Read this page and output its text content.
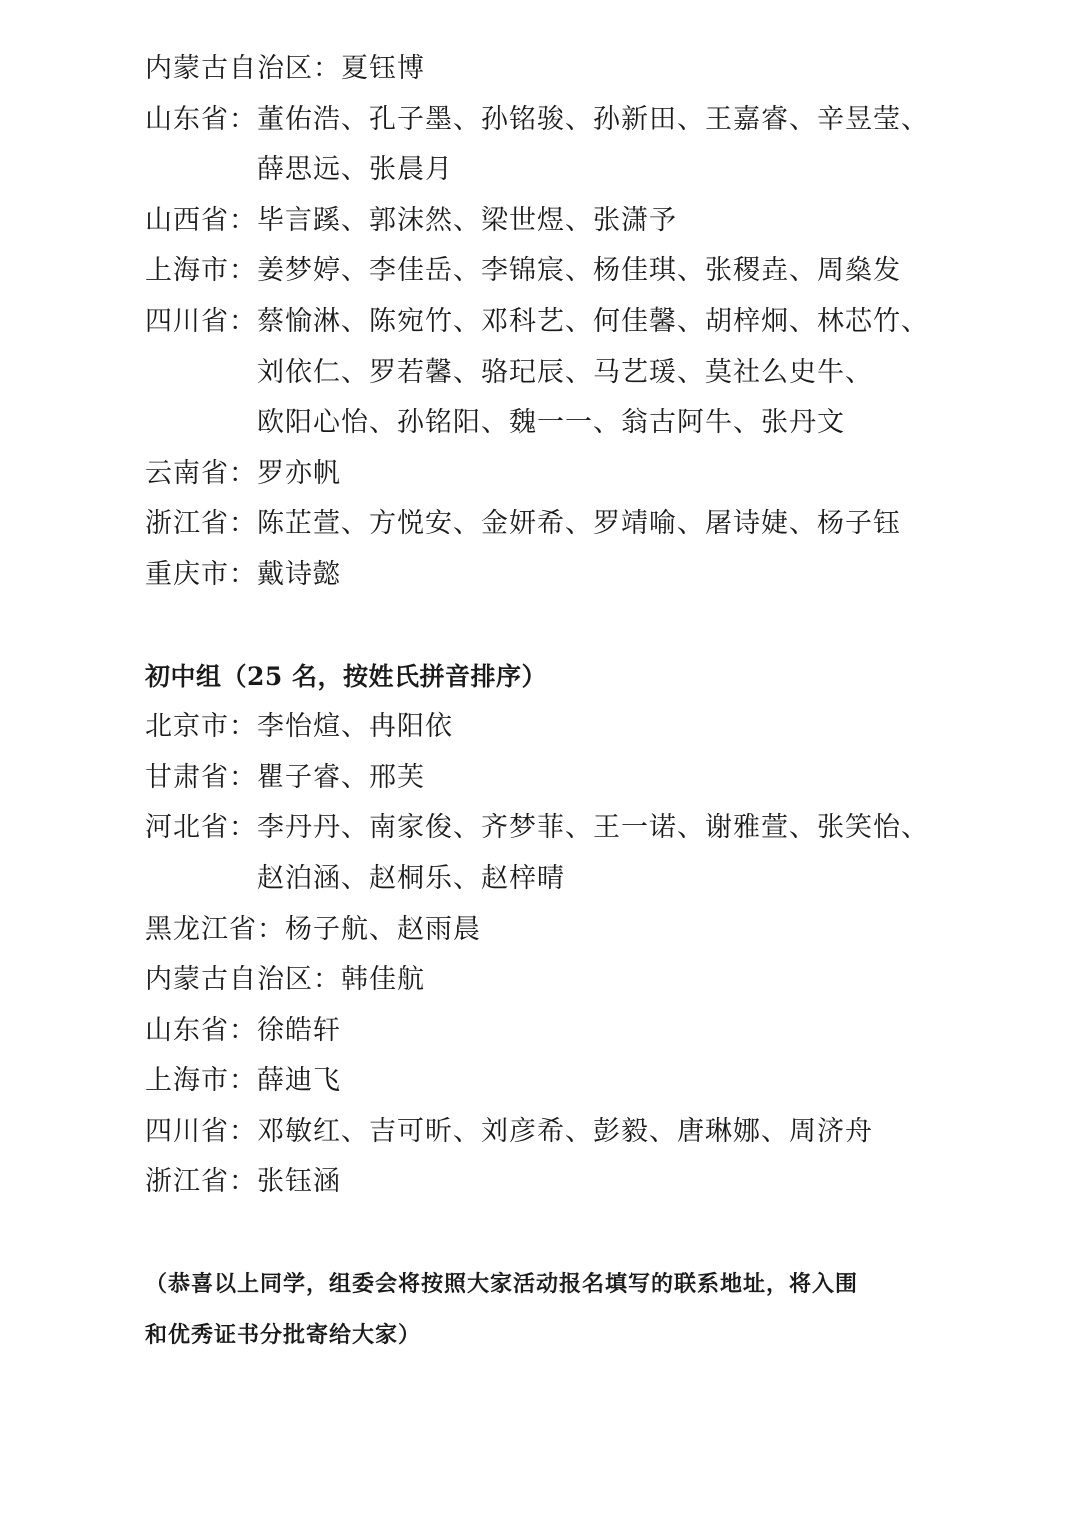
内蒙古自治区： 夏钰博
山东省： 董佑浩、孔子墨、孙铭骏、孙新田、王嘉睿、辛昱莹、
薛思远、张晨月
山西省： 毕言蹊、郭沫然、梁世煜、张潇予
上海市： 姜梦婷、李佳岳、李锦宸、杨佳琪、张稷垚、周燊发
四川省： 蔡愉淋、陈宛竹、邓科艺、何佳馨、胡梓炯、林芯竹、
刘依仁、罗若馨、骆玘辰、马艺瑗、莫社么史牛、
欧阳心怡、孙铭阳、魏一一、翁古阿牛、张丹文
云南省： 罗亦帆
浙江省： 陈芷萱、方悦安、金妍希、罗靖喻、屠诗婕、杨子钰
重庆市： 戴诗懿
初中组（25 名，按姓氏拼音排序）
北京市： 李怡煊、冉阳依
甘肃省： 瞿子睿、邢芙
河北省： 李丹丹、南家俊、齐梦菲、王一诺、谢雅萱、张笑怡、
赵泊涵、赵桐乐、赵梓晴
黑龙江省： 杨子航、赵雨晨
内蒙古自治区： 韩佳航
山东省： 徐皓轩
上海市： 薛迪飞
四川省： 邓敏红、吉可昕、刘彦希、彭毅、唐琳娜、周济舟
浙江省： 张钰涵
（恭喜以上同学，组委会将按照大家活动报名填写的联系地址，将入围
和优秀证书分批寄给大家）
